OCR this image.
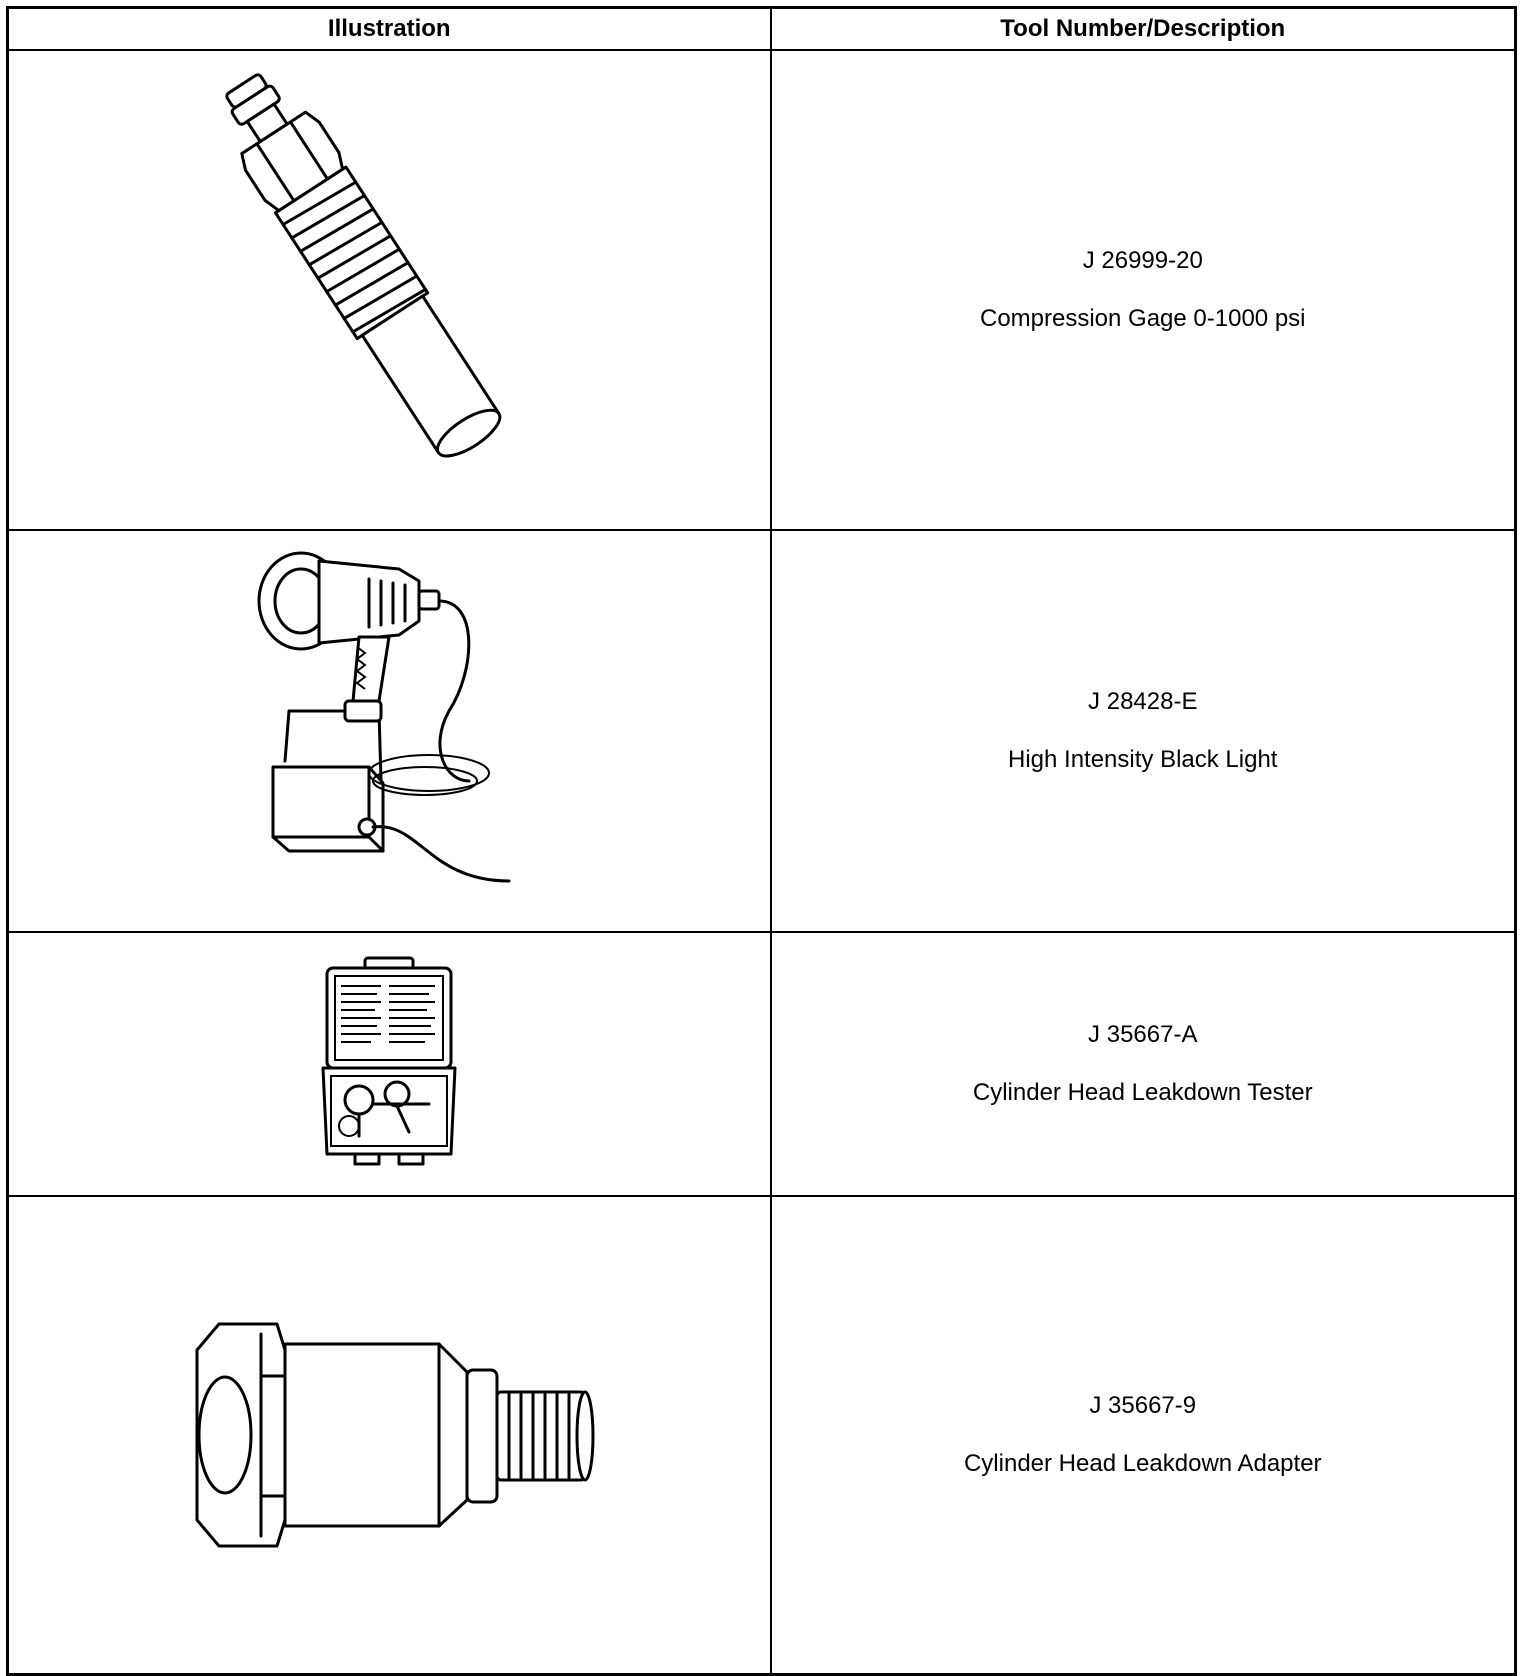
Illustration	Tool Number/Description

J 26999-20
Compression Gage 0-1000 psi

J 28428-E
High Intensity Black Light

J 35667-A
Cylinder Head Leakdown Tester

J 35667-9
Cylinder Head Leakdown Adapter
